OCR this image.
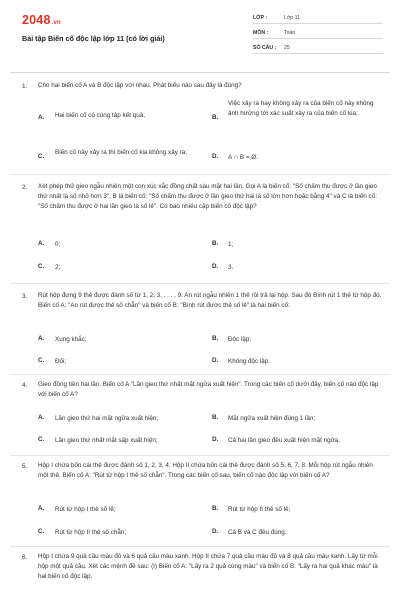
2048.vn
Bài tập Biến cố độc lập lớp 11 (có lời giải)
LỚP :	Lớp 11
MÔN :	Toán
SỐ CÂU :	25
1. Cho hai biến cố A và B độc lập với nhau. Phát biểu nào sau đây là đúng?
A. Hai biến cố có cùng tập kết quả;	B.
Việc xảy ra hay không xảy ra của biến cố này không ảnh hưởng tới xác suất xảy ra của biến cố kia;
C.
Biến cố này xảy ra thì biến cố kia không xảy ra;
D. A ∩ B = Ø.
2. Xét phép thử gieo ngẫu nhiên một con xúc xắc đồng chất sáu mặt hai lần. Gọi A là biến cố: "Số chấm thu được ở lần gieo thứ nhất là số nhỏ hơn 3", B là biến cố: "Số chấm thu được ở lần gieo thứ hai là số lớn hơn hoặc bằng 4" và C là biến cố: "Số chấm thu được ở hai lần gieo là số lẻ". Có bao nhiêu cặp biến cố độc lập?
A. 0;	B. 1;
C. 2;	D. 3.
3. Rút hộp đựng 9 thẻ được đánh số từ 1, 2, 3, . . . , 9. An rút ngẫu nhiên 1 thẻ rồi trả lại hộp. Sau đó Bình rút 1 thẻ từ hộp đó. Biến cố A: "An rút được thẻ số chẵn" và biến cố B: "Bình rút được thẻ số lẻ" là hai biến cố:
A. Xung khắc;	B. Độc lập;
C. Đối;	D. Không độc lập.
4. Gieo đồng tiền hai lần. Biến cố A "Lần gieo thứ nhất mặt ngửa xuất hiện". Trong các biến cố dưới đây, biến cố nào độc lập với biến cố A?
A. Lần gieo thứ hai mặt ngửa xuất hiện;	B. Mặt ngửa xuất hiện đúng 1 lần;
C. Lần gieo thứ nhất mặt sấp xuất hiện;	D. Cả hai lần gieo đều xuất hiện mặt ngửa.
5. Hộp I chứa bốn cái thẻ được đánh số 1, 2, 3, 4. Hộp II chứa bốn cái thẻ được đánh số 5, 6, 7, 8. Mỗi hộp rút ngẫu nhiên một thẻ. Biến cố A: "Rút từ hộp I thẻ số chẵn". Trong các biến cố sau, biến cố nào độc lập với biến cố A?
A. Rút từ hộp I thẻ số lẻ;	B. Rút từ hộp II thẻ số lẻ;
C. Rút từ hộp II thẻ số chẵn;	D. Cả B và C đều đúng.
6. Hộp I chứa 9 quả cầu màu đỏ và 6 quả cầu màu xanh. Hộp II chứa 7 quả cầu màu đỏ và 8 quả cầu màu xanh. Lấy từ mỗi hộp một quả cầu. Xét các mệnh đề sau: (I) Biến cố A: "Lấy ra 2 quả cùng màu" và biến cố B: "Lấy ra hai quả khác màu" là hai biến cố độc lập.
